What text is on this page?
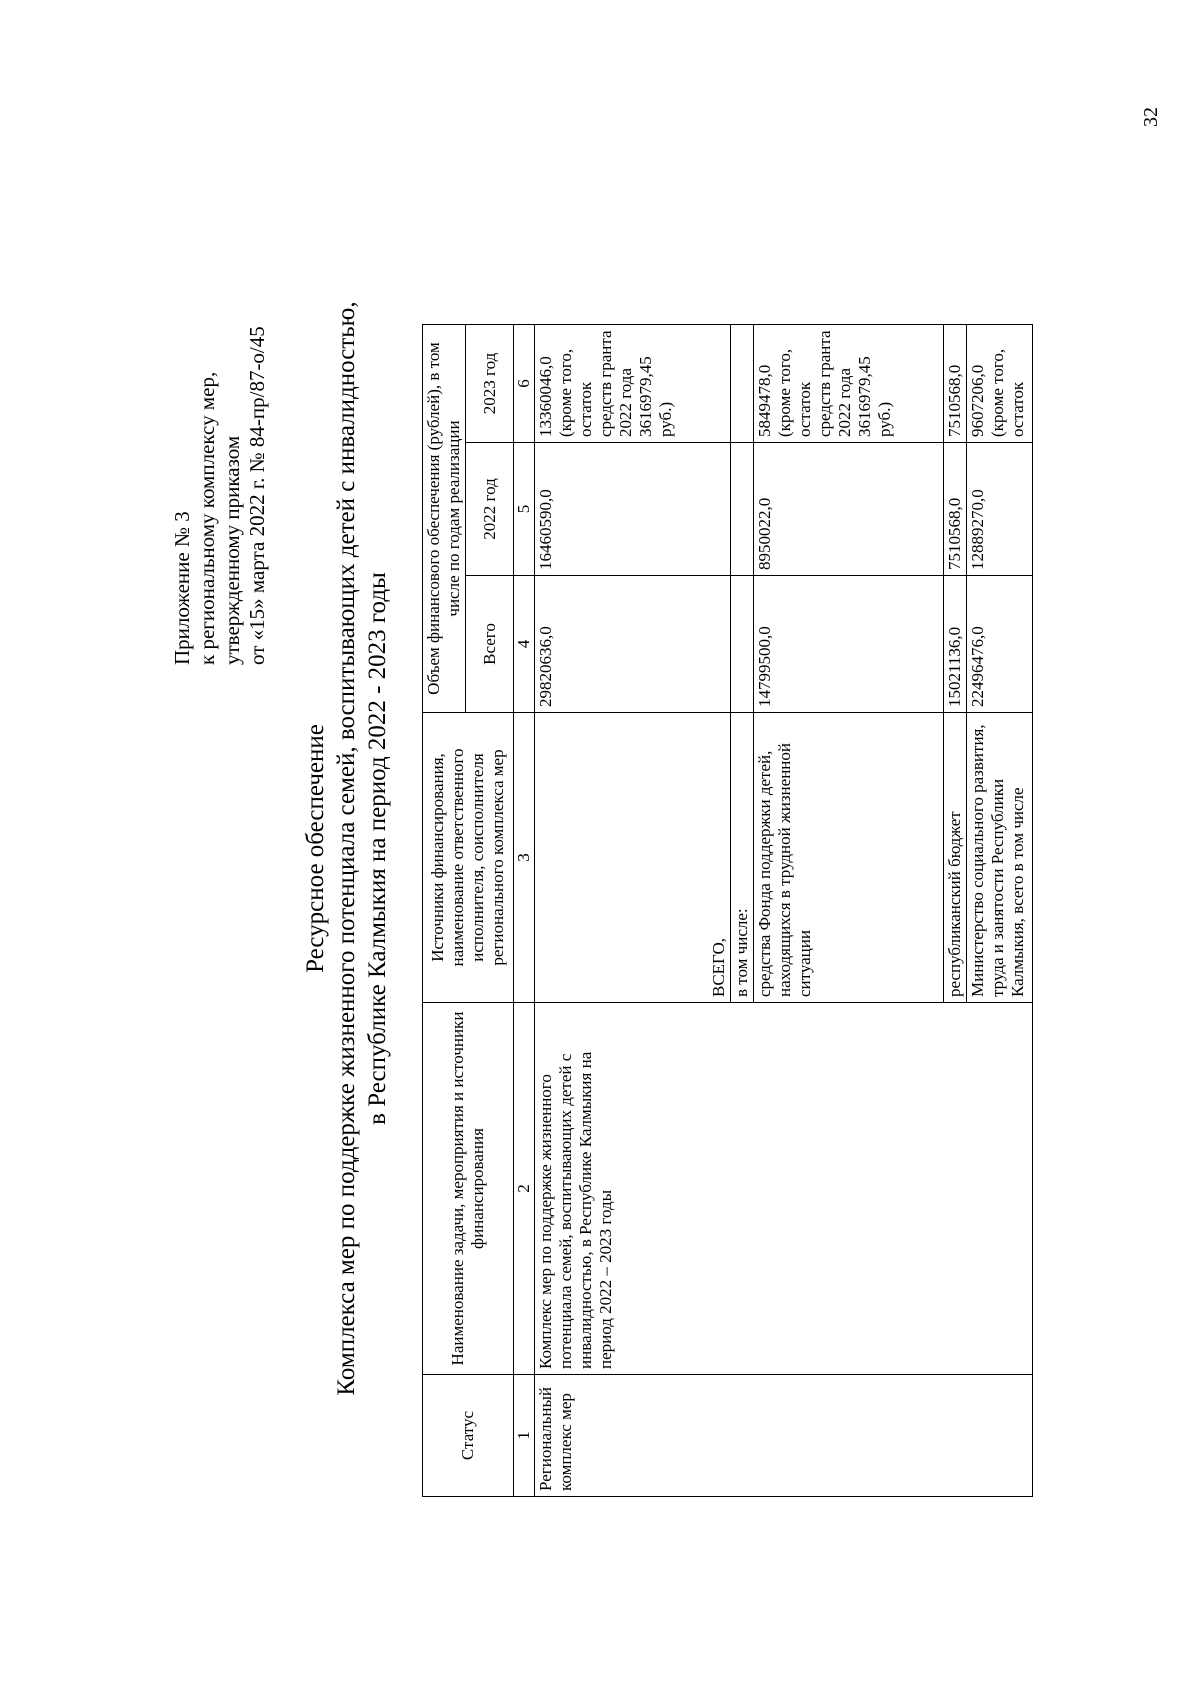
Приложение № 3 к региональному комплексу мер, утвержденному приказом от «15» марта 2022 г. № 84-пр/87-о/45
Ресурсное обеспечение Комплекса мер по поддержке жизненного потенциала семей, воспитывающих детей с инвалидностью, в Республике Калмыкия на период 2022 - 2023 годы
Статус	Наименование задачи, мероприятия и источники финансирования	Источники финансирования, наименование ответственного исполнителя, соисполнителя регионального комплекса мер	Объем финансового обеспечения (рублей), в том числе по годам реализации		
			Всего	2022 год	2023 год
1	2	3	4	5	6
Региональный комплекс мер	Комплекс мер по поддержке жизненного потенциала семей, воспитывающих детей с инвалидностью, в Республике Калмыкия на период 2022 – 2023 годы	ВСЕГО,	29820636,0	16460590,0	13360046,0 (кроме того, остаток средств гранта 2022 года 3616979,45 руб.)
		в том числе:			
		средства Фонда поддержки детей, находящихся в трудной жизненной ситуации	14799500,0	8950022,0	5849478,0 (кроме того, остаток средств гранта 2022 года 3616979,45 руб.)
		республиканский бюджет	15021136,0	7510568,0	7510568,0
		Министерство социального развития, труда и занятости Республики Калмыкия, всего в том числе	22496476,0	12889270,0	9607206,0 (кроме того, остаток
32
